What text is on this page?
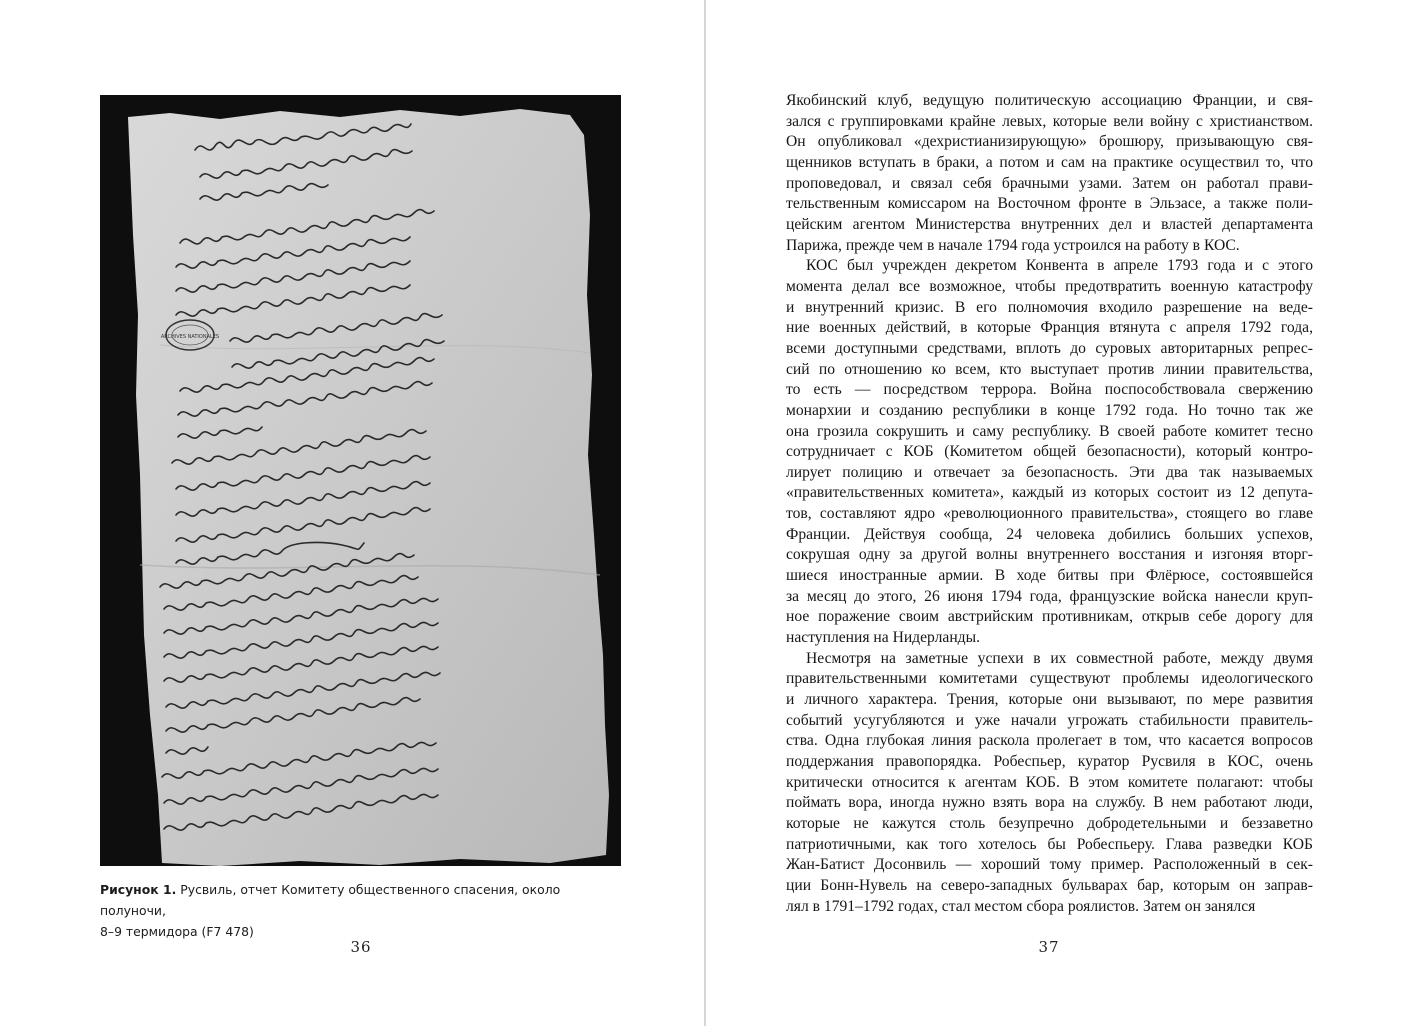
ARCHIVES NATIONALES
Рисунок 1. Русвиль, отчет Комитету общественного спасения, около полуночи,
8–9 термидора (F7 478)
36
Якобинский клуб, ведущую политическую ассоциацию Франции, и свя-
зался с группировками крайне левых, которые вели войну с христианством.
Он опубликовал «дехристианизирующую» брошюру, призывающую свя-
щенников вступать в браки, а потом и сам на практике осуществил то, что
проповедовал, и связал себя брачными узами. Затем он работал прави-
тельственным комиссаром на Восточном фронте в Эльзасе, а также поли-
цейским агентом Министерства внутренних дел и властей департамента
Парижа, прежде чем в начале 1794 года устроился на работу в КОС.
КОС был учрежден декретом Конвента в апреле 1793 года и с этого
момента делал все возможное, чтобы предотвратить военную катастрофу
и внутренний кризис. В его полномочия входило разрешение на веде-
ние военных действий, в которые Франция втянута с апреля 1792 года,
всеми доступными средствами, вплоть до суровых авторитарных репрес-
сий по отношению ко всем, кто выступает против линии правительства,
то есть — посредством террора. Война поспособствовала свержению
монархии и созданию республики в конце 1792 года. Но точно так же
она грозила сокрушить и саму республику. В своей работе комитет тесно
сотрудничает с КОБ (Комитетом общей безопасности), который контро-
лирует полицию и отвечает за безопасность. Эти два так называемых
«правительственных комитета», каждый из которых состоит из 12 депута-
тов, составляют ядро «революционного правительства», стоящего во главе
Франции. Действуя сообща, 24 человека добились больших успехов,
сокрушая одну за другой волны внутреннего восстания и изгоняя вторг-
шиеся иностранные армии. В ходе битвы при Флёрюсе, состоявшейся
за месяц до этого, 26 июня 1794 года, французские войска нанесли круп-
ное поражение своим австрийским противникам, открыв себе дорогу для
наступления на Нидерланды.
Несмотря на заметные успехи в их совместной работе, между двумя
правительственными комитетами существуют проблемы идеологического
и личного характера. Трения, которые они вызывают, по мере развития
событий усугубляются и уже начали угрожать стабильности правитель-
ства. Одна глубокая линия раскола пролегает в том, что касается вопросов
поддержания правопорядка. Робеспьер, куратор Русвиля в КОС, очень
критически относится к агентам КОБ. В этом комитете полагают: чтобы
поймать вора, иногда нужно взять вора на службу. В нем работают люди,
которые не кажутся столь безупречно добродетельными и беззаветно
патриотичными, как того хотелось бы Робеспьеру. Глава разведки КОБ
Жан-Батист Досонвиль — хороший тому пример. Расположенный в сек-
ции Бонн-Нувель на северо-западных бульварах бар, которым он заправ-
лял в 1791–1792 годах, стал местом сбора роялистов. Затем он занялся
37
